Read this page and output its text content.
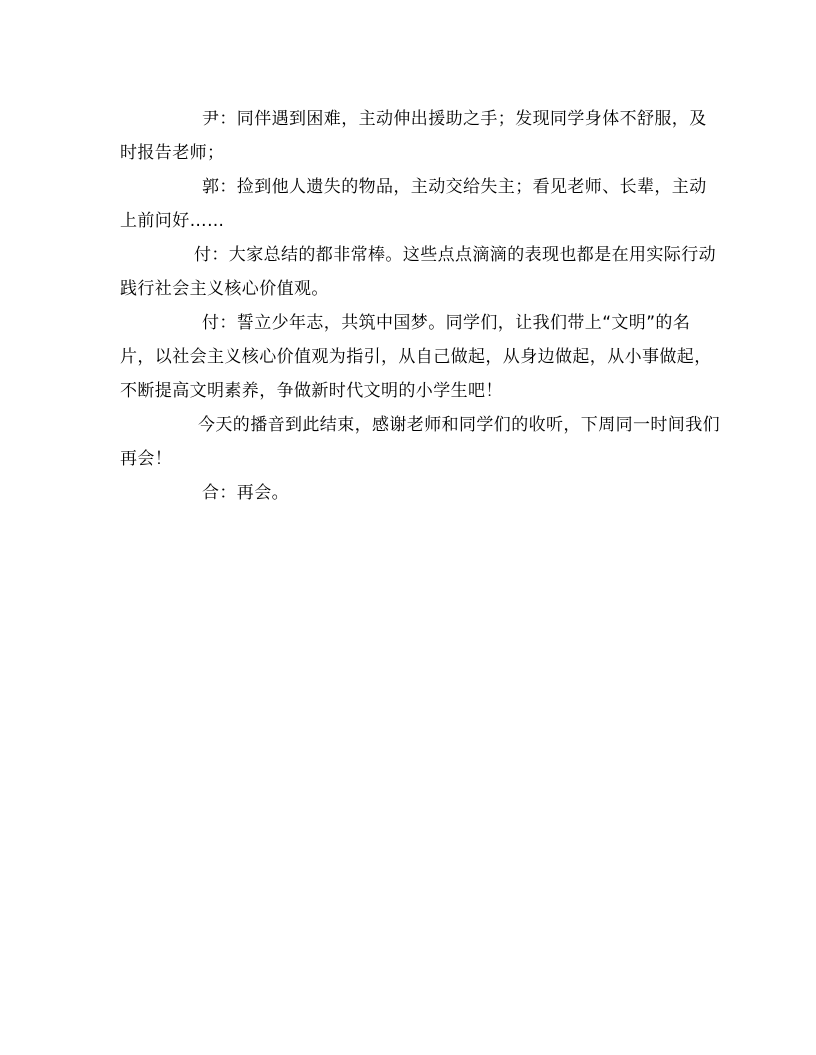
尹：同伴遇到困难，主动伸出援助之手；发现同学身体不舒服，及时报告老师；

郭：捡到他人遗失的物品，主动交给失主；看见老师、长辈，主动上前问好……

付：大家总结的都非常棒。这些点点滴滴的表现也都是在用实际行动践行社会主义核心价值观。

付：誓立少年志，共筑中国梦。同学们，让我们带上“文明”的名片，以社会主义核心价值观为指引，从自己做起，从身边做起，从小事做起，不断提高文明素养，争做新时代文明的小学生吧！

今天的播音到此结束，感谢老师和同学们的收听，下周同一时间我们再会！

合：再会。
